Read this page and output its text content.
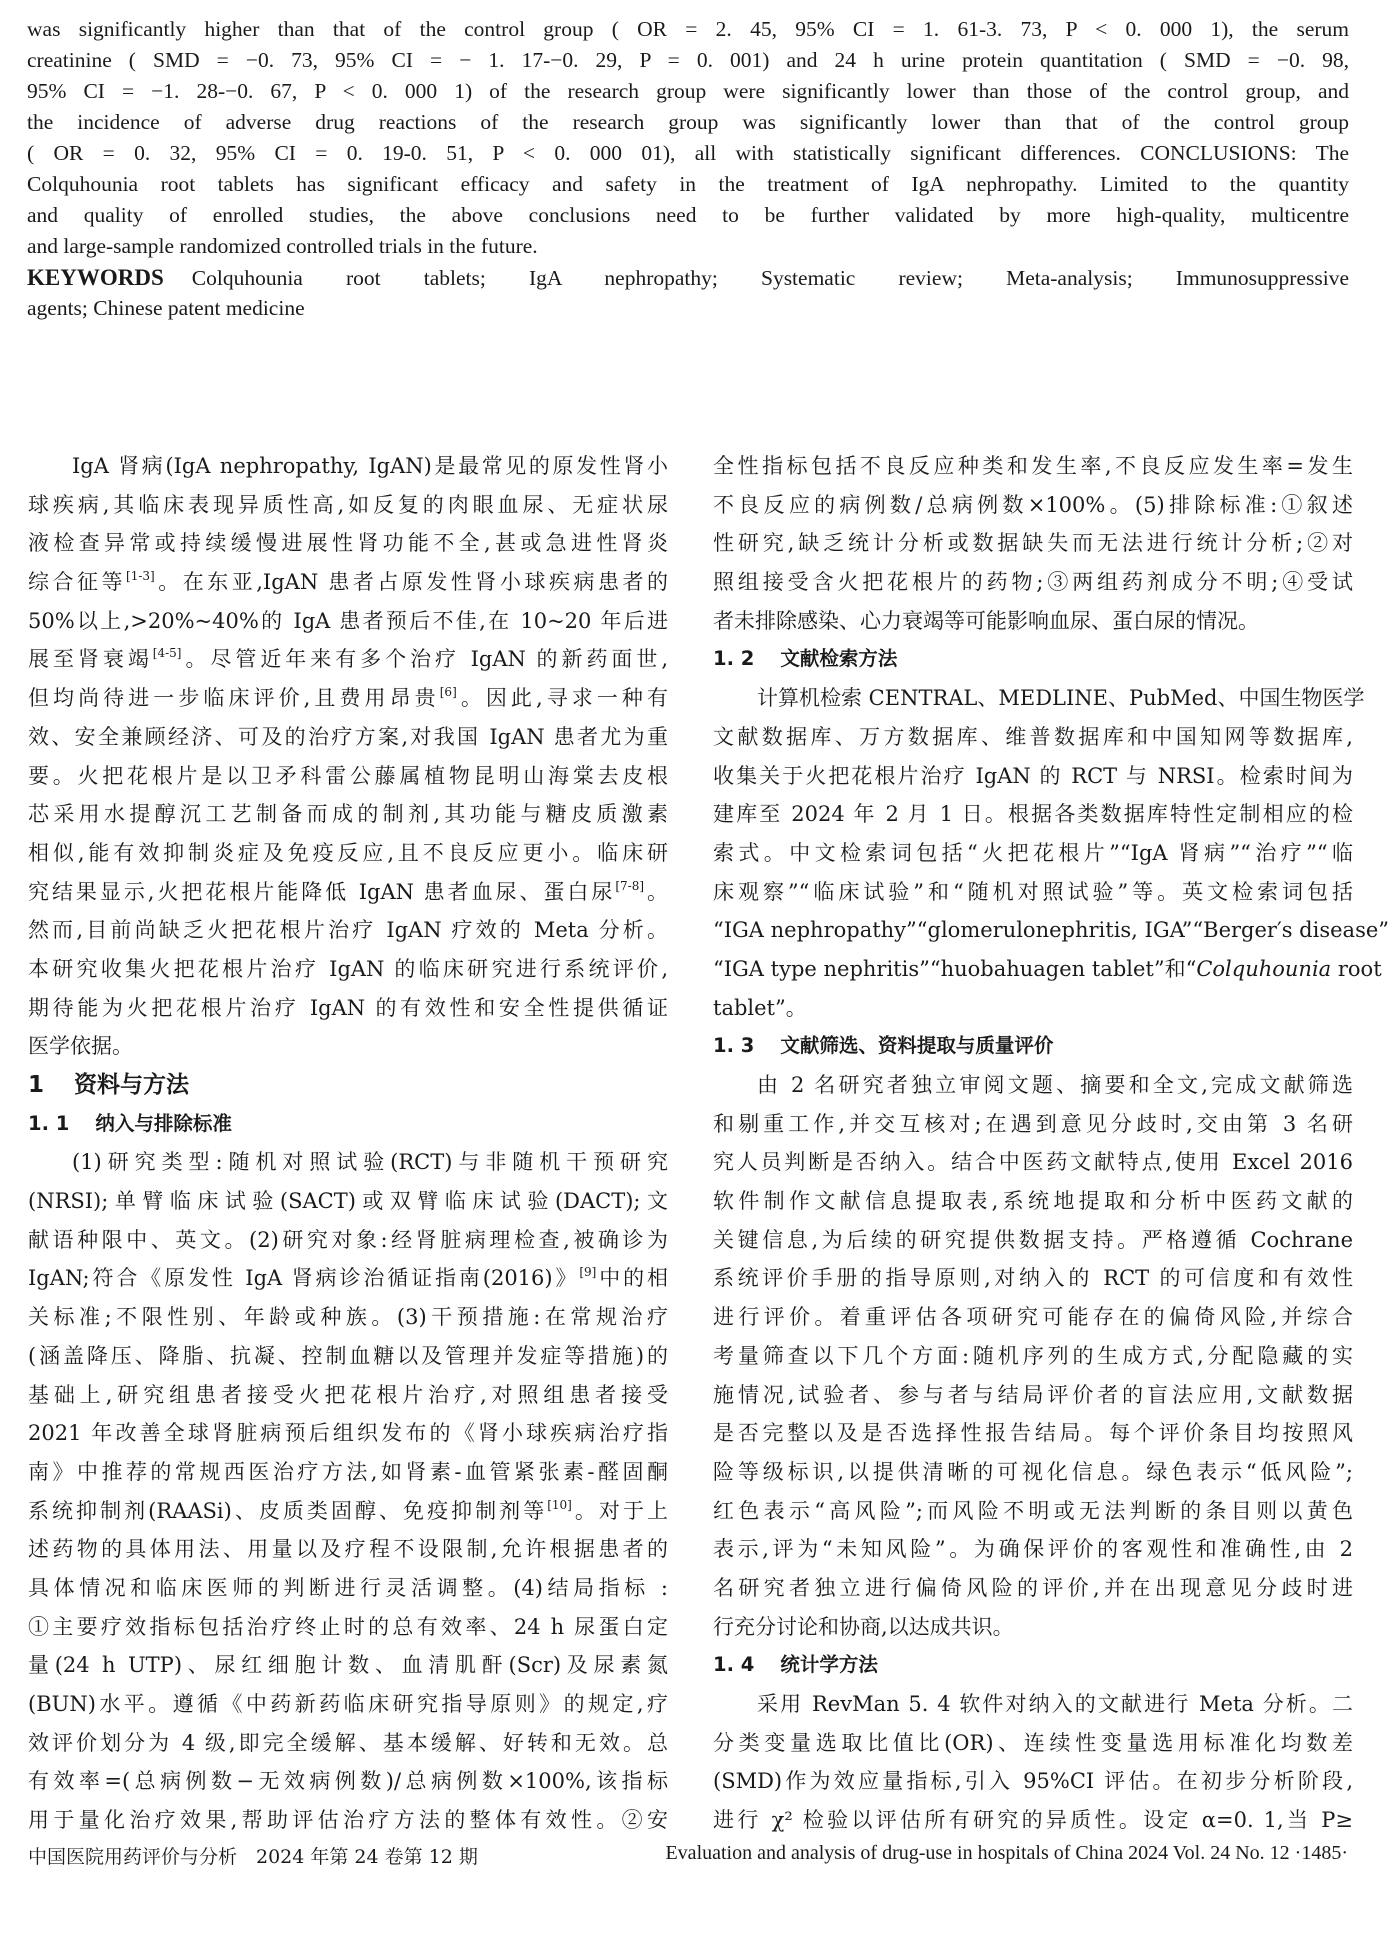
was significantly higher than that of the control group ( OR = 2. 45, 95% CI = 1. 61-3. 73, P < 0. 000 1), the serum
creatinine ( SMD = −0. 73, 95% CI = − 1. 17-−0. 29, P = 0. 001) and 24 h urine protein quantitation ( SMD = −0. 98,
95% CI = −1. 28-−0. 67, P < 0. 000 1) of the research group were significantly lower than those of the control group, and
the incidence of adverse drug reactions of the research group was significantly lower than that of the control group
( OR = 0. 32, 95% CI = 0. 19-0. 51, P < 0. 000 01), all with statistically significant differences. CONCLUSIONS: The
Colquhounia root tablets has significant efficacy and safety in the treatment of IgA nephropathy. Limited to the quantity
and quality of enrolled studies, the above conclusions need to be further validated by more high-quality, multicentre
and large-sample randomized controlled trials in the future.
KEYWORDS Colquhounia root tablets; IgA nephropathy; Systematic review; Meta-analysis; Immunosuppressive
agents; Chinese patent medicine
IgA 肾病(IgA nephropathy, IgAN)是最常见的原发性肾小
球疾病,其临床表现异质性高,如反复的肉眼血尿、无症状尿
液检查异常或持续缓慢进展性肾功能不全,甚或急进性肾炎
综合征等[1-3]。在东亚,IgAN 患者占原发性肾小球疾病患者的
50%以上,>20%~40%的 IgA 患者预后不佳,在 10~20 年后进
展至肾衰竭[4-5]。尽管近年来有多个治疗 IgAN 的新药面世,
但均尚待进一步临床评价,且费用昂贵[6]。因此,寻求一种有
效、安全兼顾经济、可及的治疗方案,对我国 IgAN 患者尤为重
要。火把花根片是以卫矛科雷公藤属植物昆明山海棠去皮根
芯采用水提醇沉工艺制备而成的制剂,其功能与糖皮质激素
相似,能有效抑制炎症及免疫反应,且不良反应更小。临床研
究结果显示,火把花根片能降低 IgAN 患者血尿、蛋白尿[7-8]。
然而,目前尚缺乏火把花根片治疗 IgAN 疗效的 Meta 分析。
本研究收集火把花根片治疗 IgAN 的临床研究进行系统评价,
期待能为火把花根片治疗 IgAN 的有效性和安全性提供循证
医学依据。
1 资料与方法
1. 1 纳入与排除标准
(1)研究类型:随机对照试验(RCT)与非随机干预研究
(NRSI);单臂临床试验(SACT)或双臂临床试验(DACT);文
献语种限中、英文。(2)研究对象:经肾脏病理检查,被确诊为
IgAN;符合《原发性 IgA 肾病诊治循证指南(2016)》[9]中的相
关标准;不限性别、年龄或种族。(3)干预措施:在常规治疗
(涵盖降压、降脂、抗凝、控制血糖以及管理并发症等措施)的
基础上,研究组患者接受火把花根片治疗,对照组患者接受
2021 年改善全球肾脏病预后组织发布的《肾小球疾病治疗指
南》中推荐的常规西医治疗方法,如肾素-血管紧张素-醛固酮
系统抑制剂(RAASi)、皮质类固醇、免疫抑制剂等[10]。对于上
述药物的具体用法、用量以及疗程不设限制,允许根据患者的
具体情况和临床医师的判断进行灵活调整。(4)结局指标 :
①主要疗效指标包括治疗终止时的总有效率、24 h 尿蛋白定
量(24 h UTP)、尿红细胞计数、血清肌酐(Scr)及尿素氮
(BUN)水平。遵循《中药新药临床研究指导原则》的规定,疗
效评价划分为 4 级,即完全缓解、基本缓解、好转和无效。总
有效率=(总病例数−无效病例数)/总病例数×100%,该指标
用于量化治疗效果,帮助评估治疗方法的整体有效性。②安
全性指标包括不良反应种类和发生率,不良反应发生率=发生
不良反应的病例数/总病例数×100%。(5)排除标准:①叙述
性研究,缺乏统计分析或数据缺失而无法进行统计分析;②对
照组接受含火把花根片的药物;③两组药剂成分不明;④受试
者未排除感染、心力衰竭等可能影响血尿、蛋白尿的情况。
1. 2 文献检索方法
计算机检索 CENTRAL、MEDLINE、PubMed、中国生物医学
文献数据库、万方数据库、维普数据库和中国知网等数据库,
收集关于火把花根片治疗 IgAN 的 RCT 与 NRSI。检索时间为
建库至 2024 年 2 月 1 日。根据各类数据库特性定制相应的检
索式。中文检索词包括“火把花根片”“IgA 肾病”“治疗”“临
床观察”“临床试验”和“随机对照试验”等。英文检索词包括
“IGA nephropathy”“glomerulonephritis, IGA”“Berger′s disease”
“IGA type nephritis”“huobahuagen tablet”和“Colquhounia root
tablet”。
1. 3 文献筛选、资料提取与质量评价
由 2 名研究者独立审阅文题、摘要和全文,完成文献筛选
和剔重工作,并交互核对;在遇到意见分歧时,交由第 3 名研
究人员判断是否纳入。结合中医药文献特点,使用 Excel 2016
软件制作文献信息提取表,系统地提取和分析中医药文献的
关键信息,为后续的研究提供数据支持。严格遵循 Cochrane
系统评价手册的指导原则,对纳入的 RCT 的可信度和有效性
进行评价。着重评估各项研究可能存在的偏倚风险,并综合
考量筛查以下几个方面:随机序列的生成方式,分配隐藏的实
施情况,试验者、参与者与结局评价者的盲法应用,文献数据
是否完整以及是否选择性报告结局。每个评价条目均按照风
险等级标识,以提供清晰的可视化信息。绿色表示“低风险”;
红色表示“高风险”;而风险不明或无法判断的条目则以黄色
表示,评为“未知风险”。为确保评价的客观性和准确性,由 2
名研究者独立进行偏倚风险的评价,并在出现意见分歧时进
行充分讨论和协商,以达成共识。
1. 4 统计学方法
采用 RevMan 5. 4 软件对纳入的文献进行 Meta 分析。二
分类变量选取比值比(OR)、连续性变量选用标准化均数差
(SMD)作为效应量指标,引入 95%CI 评估。在初步分析阶段,
进行 χ² 检验以评估所有研究的异质性。设定 α=0. 1,当 P≥
中国医院用药评价与分析　2024 年第 24 卷第 12 期	Evaluation and analysis of drug-use in hospitals of China 2024 Vol. 24 No. 12 ·1485·
